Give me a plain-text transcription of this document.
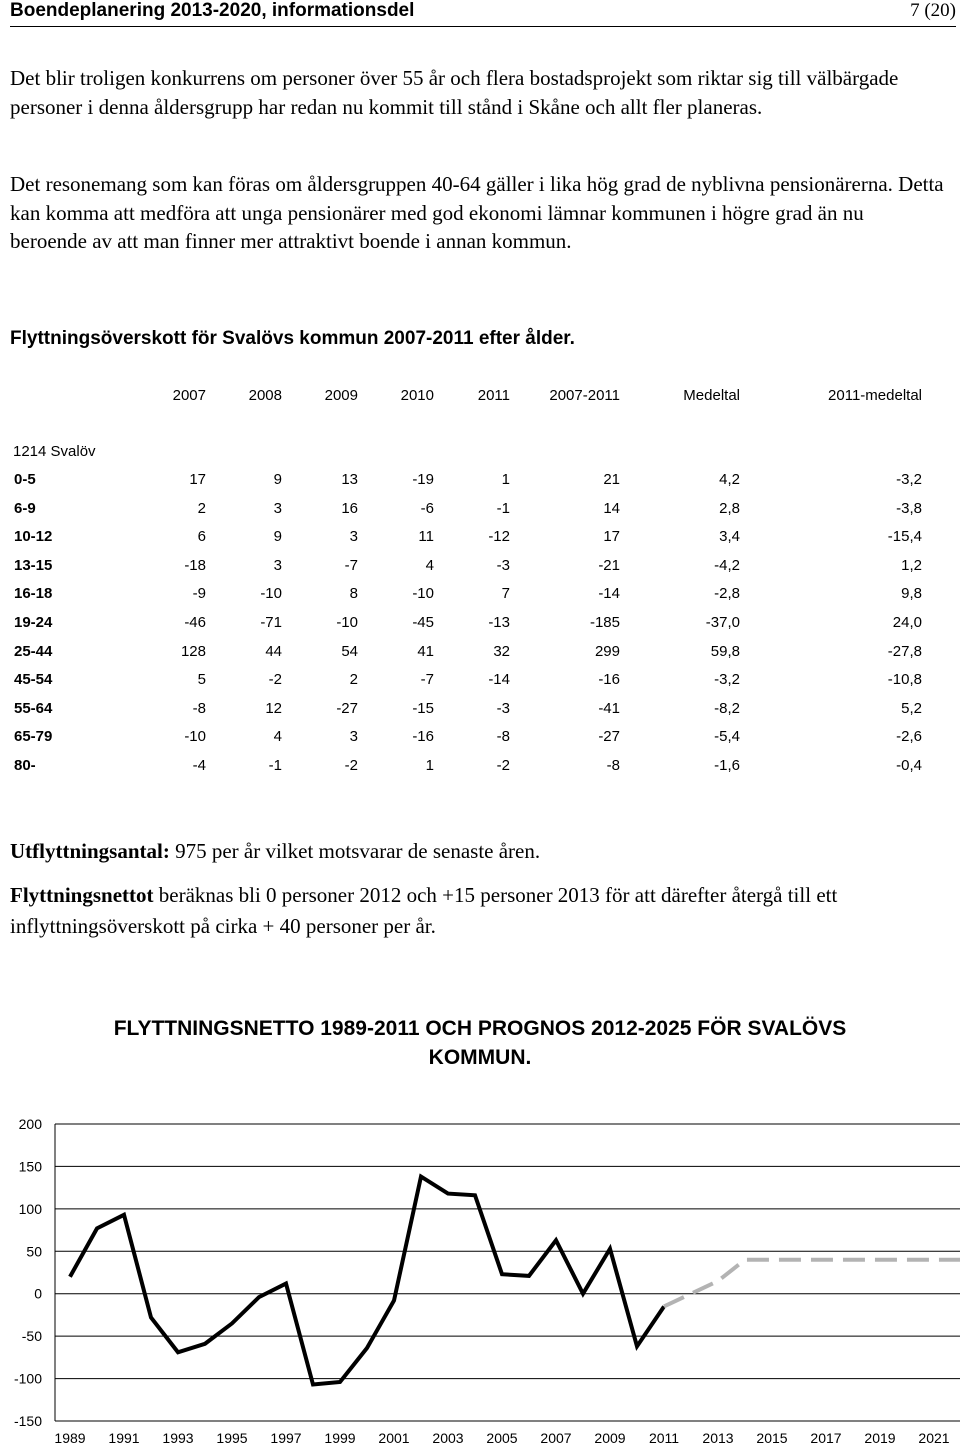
Boendeplanering 2013-2020, informationsdel	7 (20)

Det blir troligen konkurrens om personer över 55 år och flera bostadsprojekt som riktar sig till välbärgade personer i denna åldersgrupp har redan nu kommit till stånd i Skåne och allt fler planeras.

Det resonemang som kan föras om åldersgruppen 40-64 gäller i lika hög grad de nyblivna pensionärerna. Detta kan komma att medföra att unga pensionärer med god ekonomi lämnar kommunen i högre grad än nu beroende av att man finner mer attraktivt boende i annan kommun.

Flyttningsöverskott för Svalövs kommun 2007-2011 efter ålder.
1214 Svalöv
2007	2008	2009	2010	2011	2007-2011	Medeltal	2011-medeltal
0-5	17	9	13	-19	1	21	4,2	-3,2
6-9	2	3	16	-6	-1	14	2,8	-3,8
10-12	6	9	3	11	-12	17	3,4	-15,4
13-15	-18	3	-7	4	-3	-21	-4,2	1,2
16-18	-9	-10	8	-10	7	-14	-2,8	9,8
19-24	-46	-71	-10	-45	-13	-185	-37,0	24,0
25-44	128	44	54	41	32	299	59,8	-27,8
45-54	5	-2	2	-7	-14	-16	-3,2	-10,8
55-64	-8	12	-27	-15	-3	-41	-8,2	5,2
65-79	-10	4	3	-16	-8	-27	-5,4	-2,6
80-	-4	-1	-2	1	-2	-8	-1,6	-0,4

Utflyttningsantal: 975 per år vilket motsvarar de senaste åren.

Flyttningsnettot beräknas bli 0 personer 2012 och +15 personer 2013 för att därefter återgå till ett inflyttningsöverskott på cirka + 40 personer per år.

FLYTTNINGSNETTO 1989-2011 OCH PROGNOS 2012-2025 FÖR SVALÖVS KOMMUN.
200
150
100
50
0
-50
-100
-150
1989 1991 1993 1995 1997 1999 2001 2003 2005 2007 2009 2011 2013 2015 2017 2019 2021
